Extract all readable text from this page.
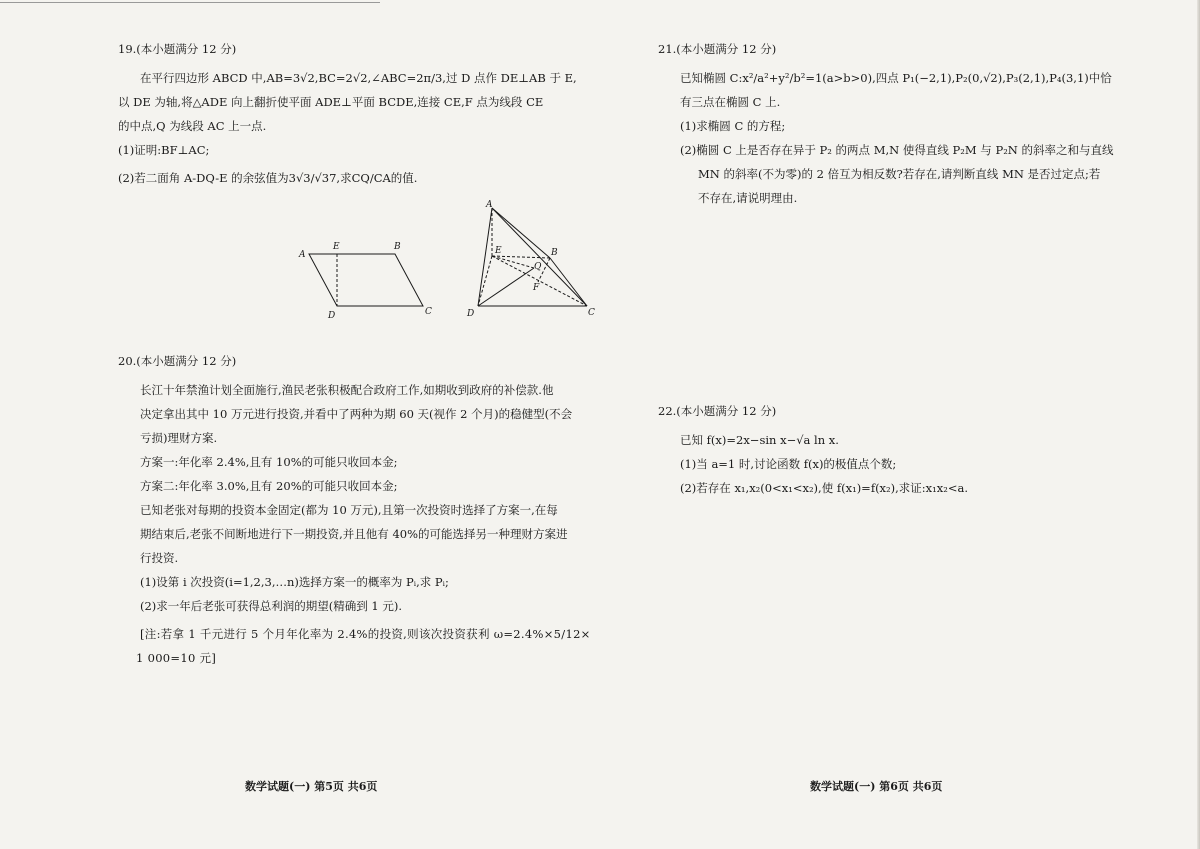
19.(本小题满分 12 分)
在平行四边形 ABCD 中,AB=3√2,BC=2√2,∠ABC=2π/3,过 D 点作 DE⊥AB 于 E,
以 DE 为轴,将△ADE 向上翻折使平面 ADE⊥平面 BCDE,连接 CE,F 点为线段 CE
的中点,Q 为线段 AC 上一点.
(1)证明:BF⊥AC;
(2)若二面角 A-DQ-E 的余弦值为3√3/√37,求CQ/CA的值.
A
E	B
D	C
A
E	B
Q
F
D	C
20.(本小题满分 12 分)
长江十年禁渔计划全面施行,渔民老张积极配合政府工作,如期收到政府的补偿款.他
决定拿出其中 10 万元进行投资,并看中了两种为期 60 天(视作 2 个月)的稳健型(不会
亏损)理财方案.
方案一:年化率 2.4%,且有 10%的可能只收回本金;
方案二:年化率 3.0%,且有 20%的可能只收回本金;
已知老张对每期的投资本金固定(都为 10 万元),且第一次投资时选择了方案一,在每
期结束后,老张不间断地进行下一期投资,并且他有 40%的可能选择另一种理财方案进
行投资.
(1)设第 i 次投资(i=1,2,3,…n)选择方案一的概率为 Pᵢ,求 Pᵢ;
(2)求一年后老张可获得总利润的期望(精确到 1 元).
[注:若拿 1 千元进行 5 个月年化率为 2.4%的投资,则该次投资获利 ω=2.4%×5/12×
1 000=10 元]
数学试题(一) 第5页 共6页
21.(本小题满分 12 分)
已知椭圆 C:x²/a²+y²/b²=1(a>b>0),四点 P₁(−2,1),P₂(0,√2),P₃(2,1),P₄(3,1)中恰
有三点在椭圆 C 上.
(1)求椭圆 C 的方程;
(2)椭圆 C 上是否存在异于 P₂ 的两点 M,N 使得直线 P₂M 与 P₂N 的斜率之和与直线
MN 的斜率(不为零)的 2 倍互为相反数?若存在,请判断直线 MN 是否过定点;若
不存在,请说明理由.
22.(本小题满分 12 分)
已知 f(x)=2x−sin x−√a ln x.
(1)当 a=1 时,讨论函数 f(x)的极值点个数;
(2)若存在 x₁,x₂(0<x₁<x₂),使 f(x₁)=f(x₂),求证:x₁x₂<a.
数学试题(一) 第6页 共6页
